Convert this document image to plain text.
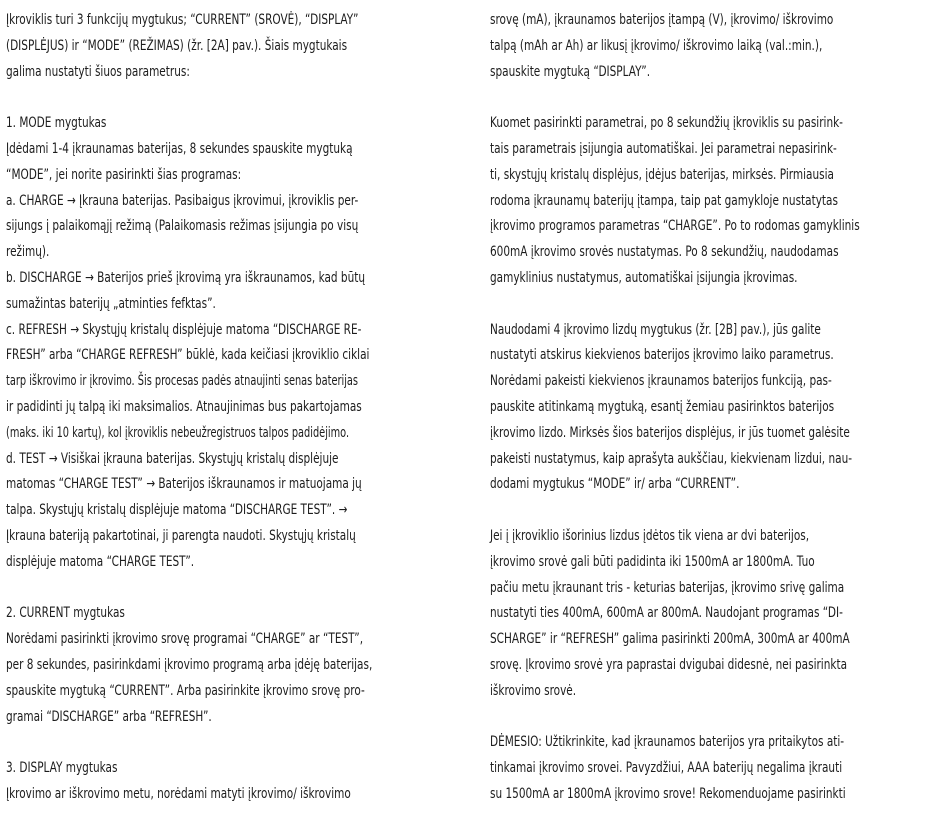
Įkroviklis turi 3 funkcijų mygtukus; “CURRENT” (SROVĖ), “DISPLAY”
(DISPLĖJUS) ir “MODE” (REŽIMAS) (žr. [2A] pav.). Šiais mygtukais
galima nustatyti šiuos parametrus:
1. MODE mygtukas
Įdėdami 1-4 įkraunamas baterijas, 8 sekundes spauskite mygtuką
“MODE”, jei norite pasirinkti šias programas:
a. CHARGE → Įkrauna baterijas. Pasibaigus įkrovimui, įkroviklis per-
sijungs į palaikomąjį režimą (Palaikomasis režimas įsijungia po visų
režimų).
b. DISCHARGE → Baterijos prieš įkrovimą yra iškraunamos, kad būtų
sumažintas baterijų „atminties fefktas”.
c. REFRESH → Skystųjų kristalų displėjuje matoma “DISCHARGE RE-
FRESH” arba “CHARGE REFRESH” būklė, kada keičiasi įkroviklio ciklai
tarp iškrovimo ir įkrovimo. Šis procesas padės atnaujinti senas baterijas
ir padidinti jų talpą iki maksimalios. Atnaujinimas bus pakartojamas
(maks. iki 10 kartų), kol įkroviklis nebeužregistruos talpos padidėjimo.
d. TEST → Visiškai įkrauna baterijas. Skystųjų kristalų displėjuje
matomas “CHARGE TEST” → Baterijos iškraunamos ir matuojama jų
talpa. Skystųjų kristalų displėjuje matoma “DISCHARGE TEST”. →
Įkrauna bateriją pakartotinai, ji parengta naudoti. Skystųjų kristalų
displėjuje matoma “CHARGE TEST”.
2. CURRENT mygtukas
Norėdami pasirinkti įkrovimo srovę programai “CHARGE” ar “TEST”,
per 8 sekundes, pasirinkdami įkrovimo programą arba įdėję baterijas,
spauskite mygtuką “CURRENT”. Arba pasirinkite įkrovimo srovę pro-
gramai “DISCHARGE” arba “REFRESH”.
3. DISPLAY mygtukas
Įkrovimo ar iškrovimo metu, norėdami matyti įkrovimo/ iškrovimo
srovę (mA), įkraunamos baterijos įtampą (V), įkrovimo/ iškrovimo
talpą (mAh ar Ah) ar likusį įkrovimo/ iškrovimo laiką (val.:min.),
spauskite mygtuką “DISPLAY”.
Kuomet pasirinkti parametrai, po 8 sekundžių įkroviklis su pasirink-
tais parametrais įsijungia automatiškai. Jei parametrai nepasirink-
ti, skystųjų kristalų displėjus, įdėjus baterijas, mirksės. Pirmiausia
rodoma įkraunamų baterijų įtampa, taip pat gamykloje nustatytas
įkrovimo programos parametras “CHARGE”. Po to rodomas gamyklinis
600mA įkrovimo srovės nustatymas. Po 8 sekundžių, naudodamas
gamyklinius nustatymus, automatiškai įsijungia įkrovimas.
Naudodami 4 įkrovimo lizdų mygtukus (žr. [2B] pav.), jūs galite
nustatyti atskirus kiekvienos baterijos įkrovimo laiko parametrus.
Norėdami pakeisti kiekvienos įkraunamos baterijos funkciją, pas-
pauskite atitinkamą mygtuką, esantį žemiau pasirinktos baterijos
įkrovimo lizdo. Mirksės šios baterijos displėjus, ir jūs tuomet galėsite
pakeisti nustatymus, kaip aprašyta aukščiau, kiekvienam lizdui, nau-
dodami mygtukus “MODE” ir/ arba “CURRENT”.
Jei į įkroviklio išorinius lizdus įdėtos tik viena ar dvi baterijos,
įkrovimo srovė gali būti padidinta iki 1500mA ar 1800mA. Tuo
pačiu metu įkraunant tris - keturias baterijas, įkrovimo srivę galima
nustatyti ties 400mA, 600mA ar 800mA. Naudojant programas “DI-
SCHARGE” ir “REFRESH” galima pasirinkti 200mA, 300mA ar 400mA
srovę. Įkrovimo srovė yra paprastai dvigubai didesnė, nei pasirinkta
iškrovimo srovė.
DĖMESIO: Užtikrinkite, kad įkraunamos baterijos yra pritaikytos ati-
tinkamai įkrovimo srovei. Pavyzdžiui, AAA baterijų negalima įkrauti
su 1500mA ar 1800mA įkrovimo srove! Rekomenduojame pasirinkti
